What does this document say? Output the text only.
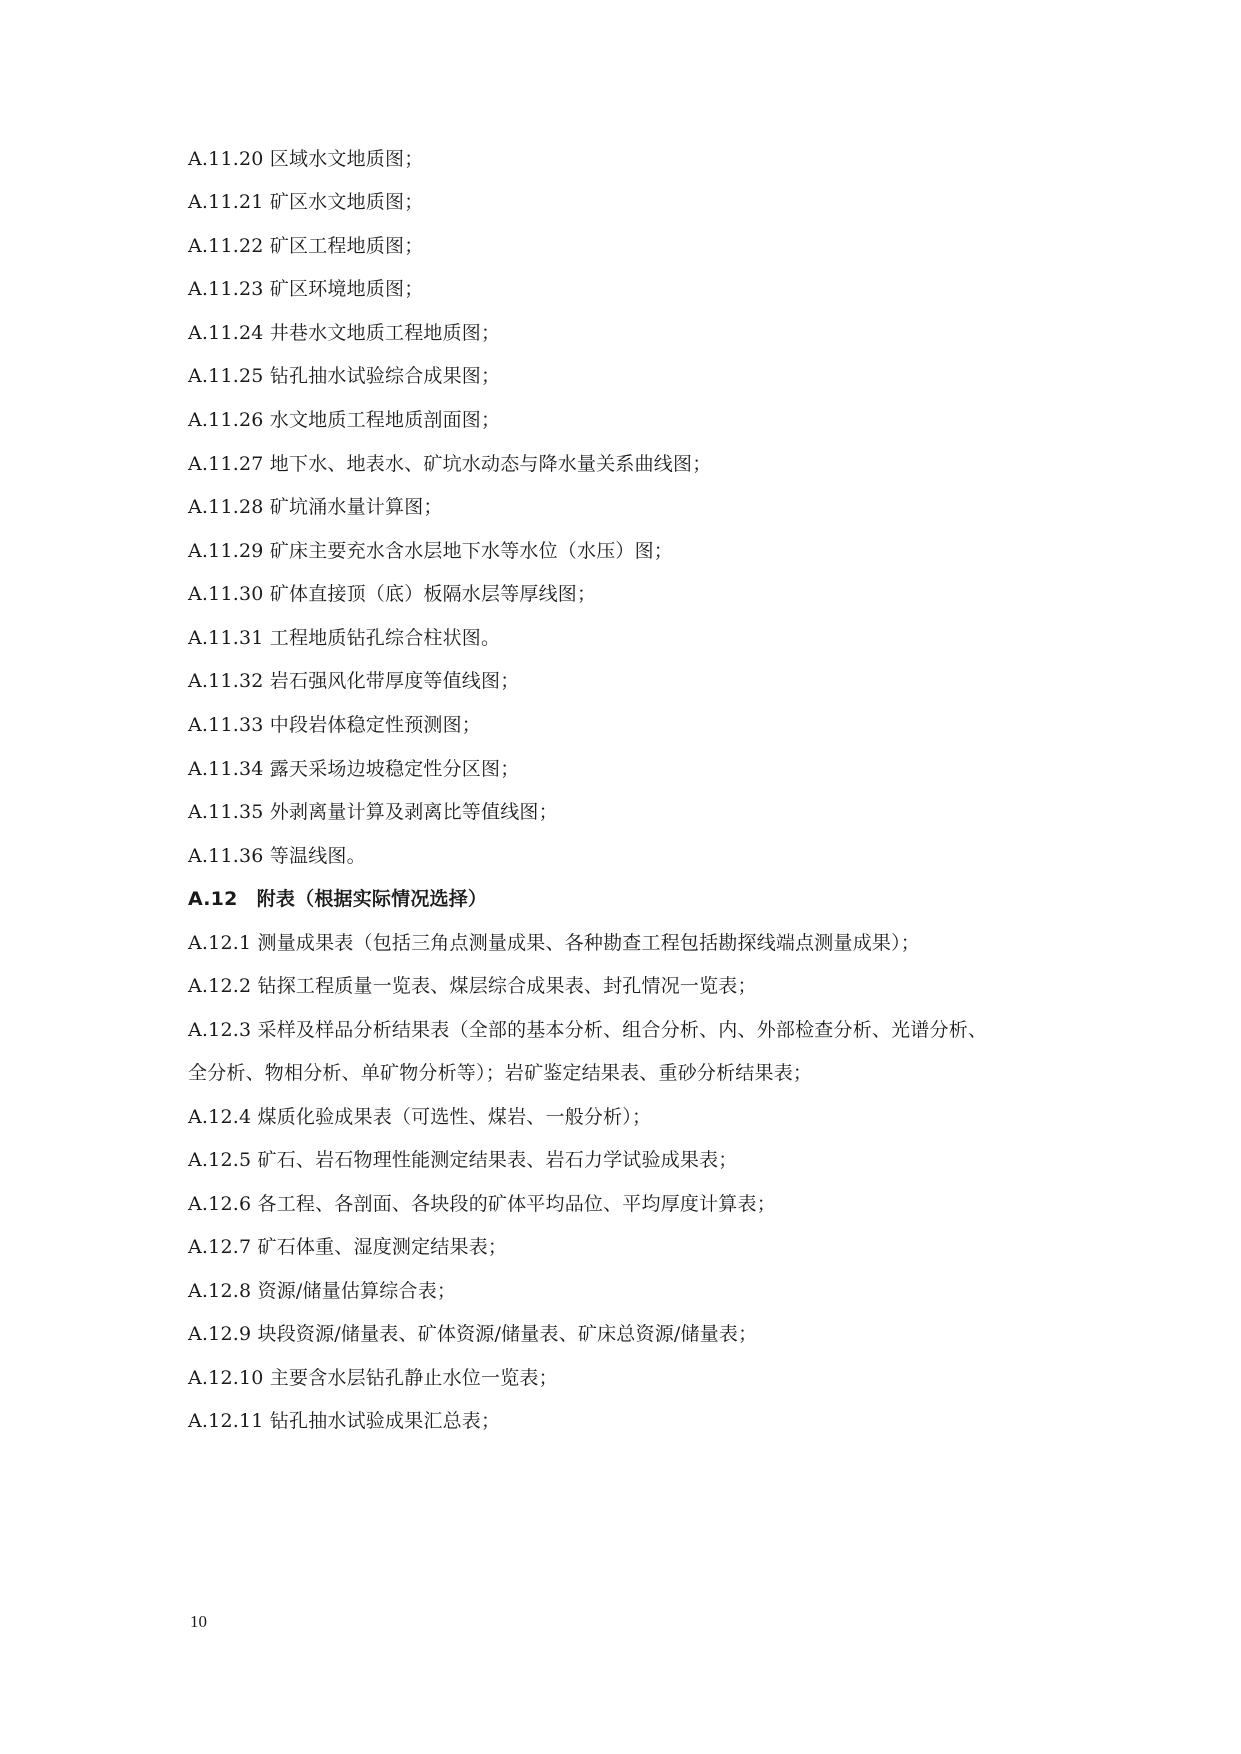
A.11.20 区域水文地质图；
A.11.21 矿区水文地质图；
A.11.22 矿区工程地质图；
A.11.23 矿区环境地质图；
A.11.24 井巷水文地质工程地质图；
A.11.25 钻孔抽水试验综合成果图；
A.11.26 水文地质工程地质剖面图；
A.11.27 地下水、地表水、矿坑水动态与降水量关系曲线图；
A.11.28 矿坑涌水量计算图；
A.11.29 矿床主要充水含水层地下水等水位（水压）图；
A.11.30 矿体直接顶（底）板隔水层等厚线图；
A.11.31 工程地质钻孔综合柱状图。
A.11.32 岩石强风化带厚度等值线图；
A.11.33 中段岩体稳定性预测图；
A.11.34 露天采场边坡稳定性分区图；
A.11.35 外剥离量计算及剥离比等值线图；
A.11.36 等温线图。
A.12　附表（根据实际情况选择）
A.12.1 测量成果表（包括三角点测量成果、各种勘查工程包括勘探线端点测量成果）；
A.12.2 钻探工程质量一览表、煤层综合成果表、封孔情况一览表；
A.12.3 采样及样品分析结果表（全部的基本分析、组合分析、内、外部检查分析、光谱分析、
全分析、物相分析、单矿物分析等）；岩矿鉴定结果表、重砂分析结果表；
A.12.4 煤质化验成果表（可选性、煤岩、一般分析）；
A.12.5 矿石、岩石物理性能测定结果表、岩石力学试验成果表；
A.12.6 各工程、各剖面、各块段的矿体平均品位、平均厚度计算表；
A.12.7 矿石体重、湿度测定结果表；
A.12.8 资源/储量估算综合表；
A.12.9 块段资源/储量表、矿体资源/储量表、矿床总资源/储量表；
A.12.10 主要含水层钻孔静止水位一览表；
A.12.11 钻孔抽水试验成果汇总表；
10
